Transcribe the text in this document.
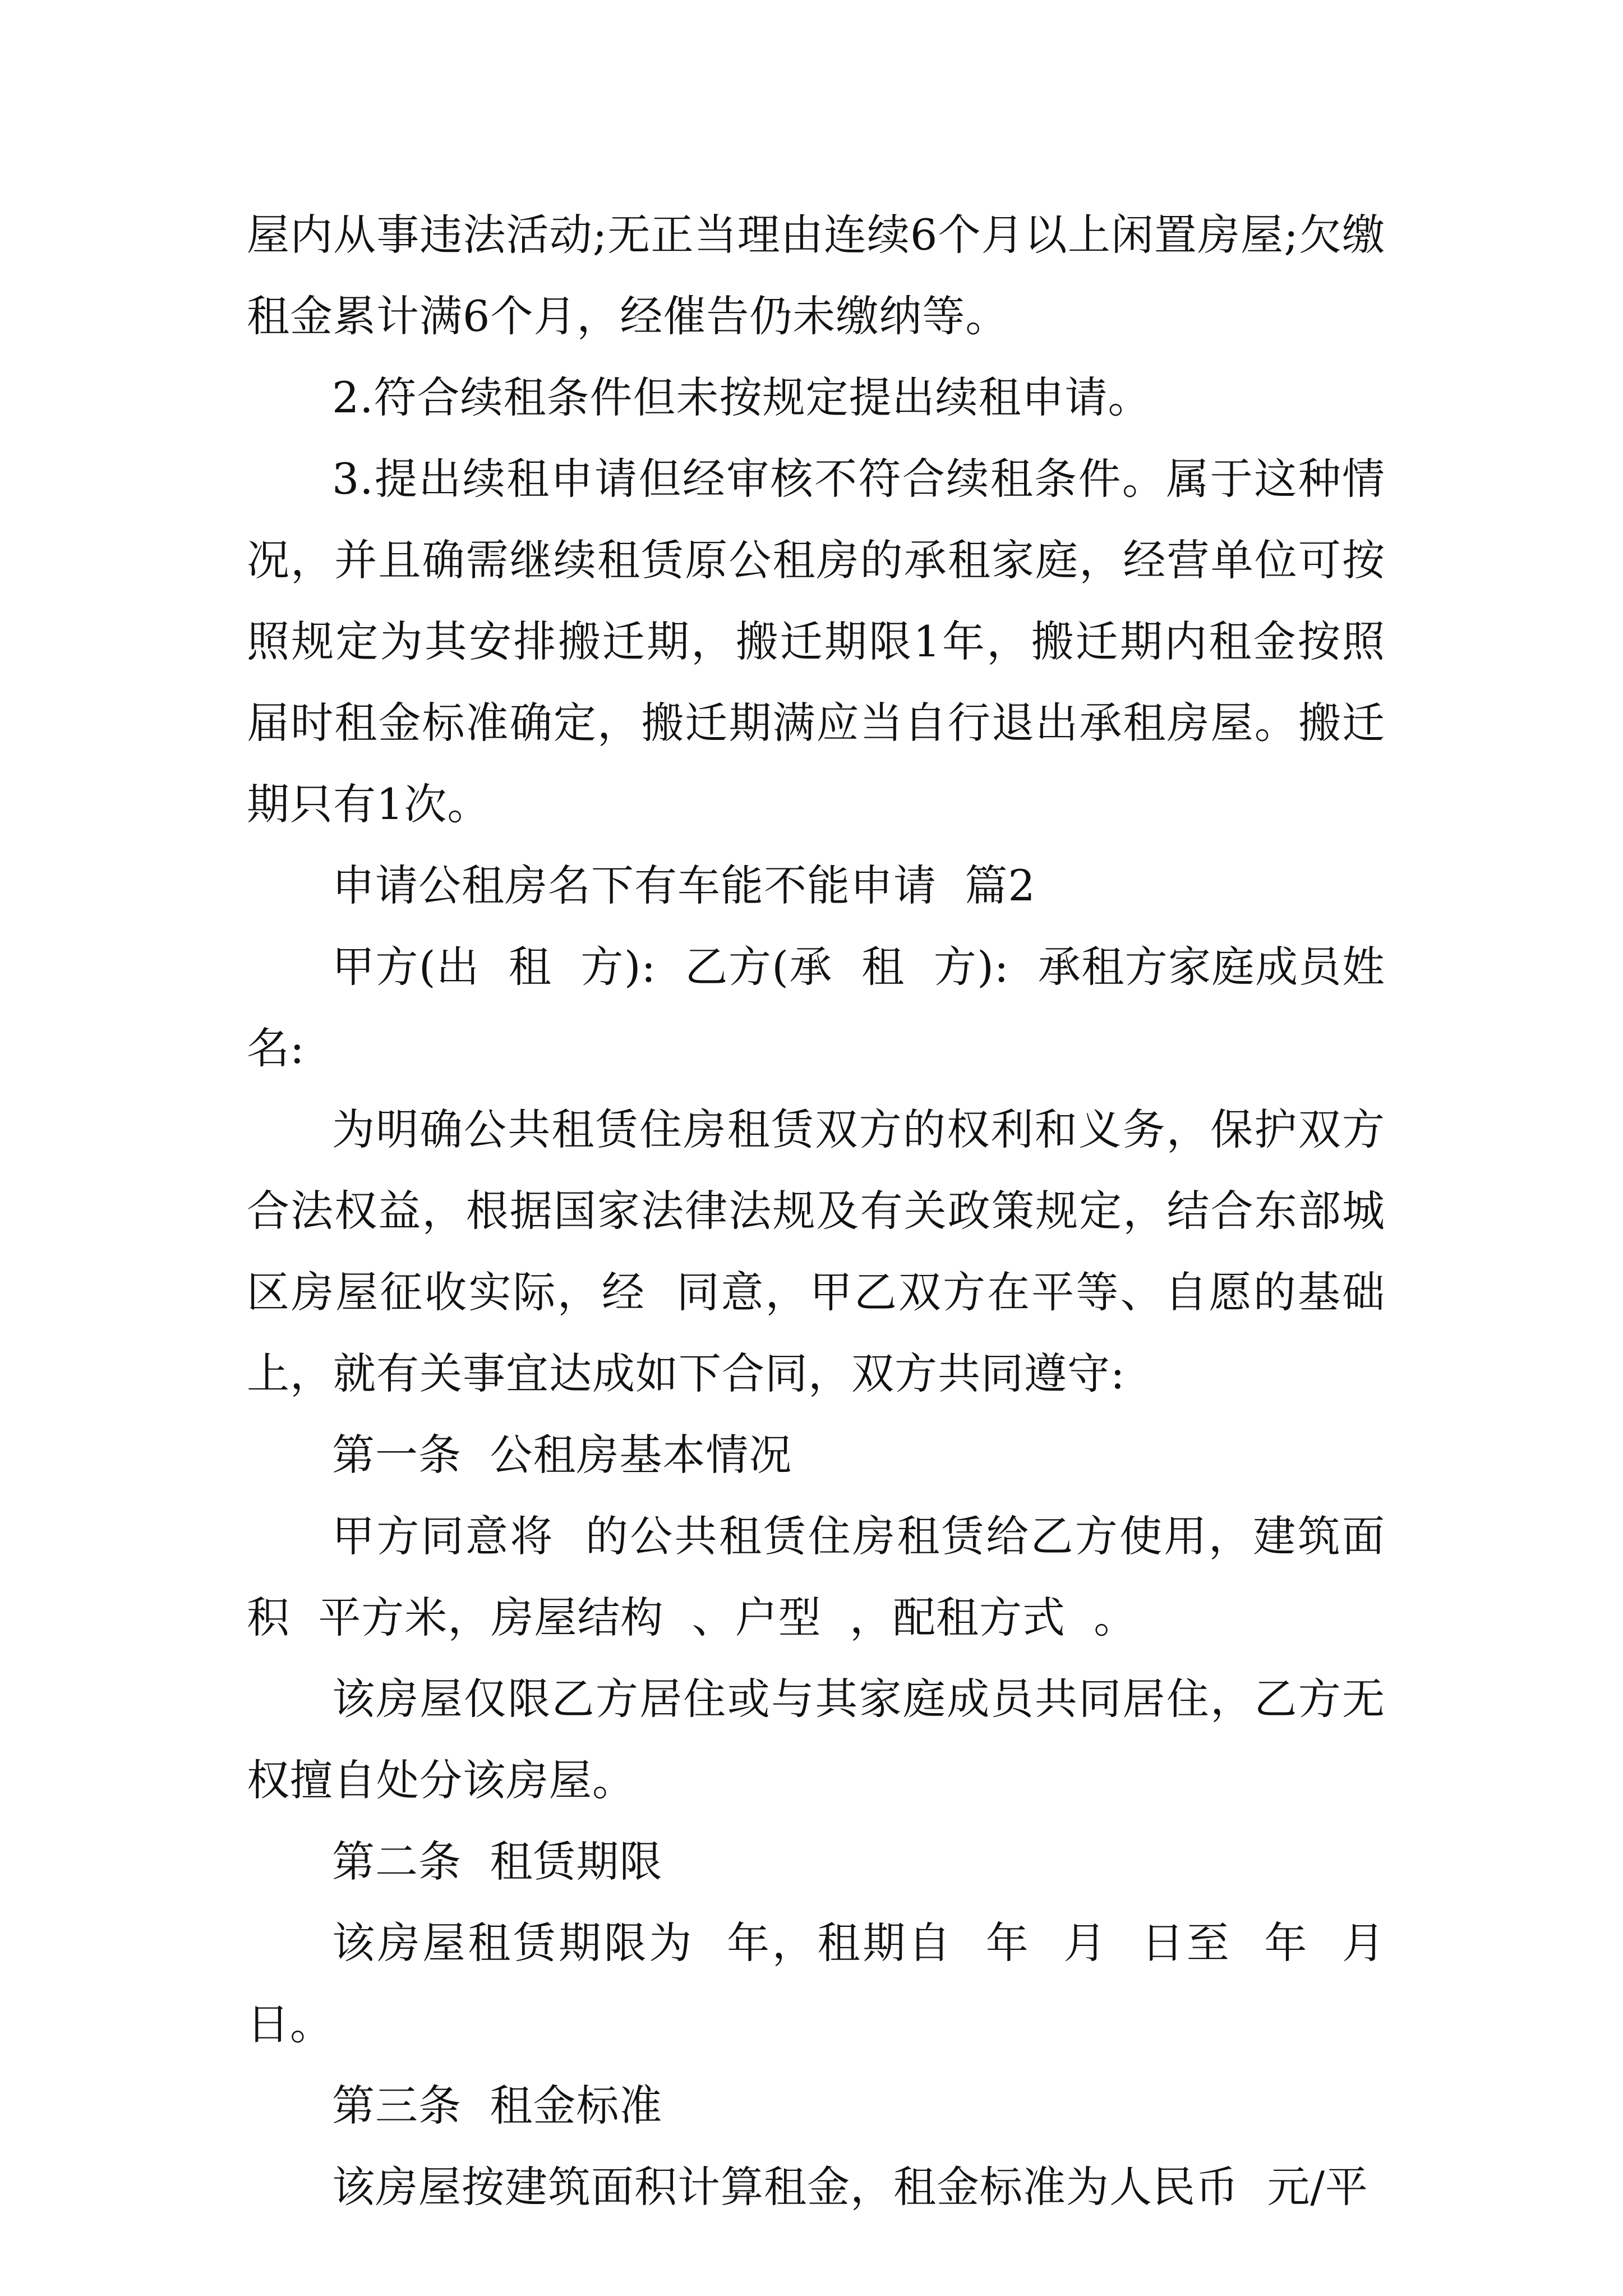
屋内从事违法活动;无正当理由连续6个月以上闲置房屋;欠缴租金累计满6个月，经催告仍未缴纳等。

2.符合续租条件但未按规定提出续租申请。

3.提出续租申请但经审核不符合续租条件。属于这种情况，并且确需继续租赁原公租房的承租家庭，经营单位可按照规定为其安排搬迁期，搬迁期限1年，搬迁期内租金按照届时租金标准确定，搬迁期满应当自行退出承租房屋。搬迁期只有1次。

申请公租房名下有车能不能申请  篇2

甲方(出  租  方):  乙方(承  租  方):  承租方家庭成员姓名:

为明确公共租赁住房租赁双方的权利和义务，保护双方合法权益，根据国家法律法规及有关政策规定，结合东部城区房屋征收实际，经  同意，甲乙双方在平等、自愿的基础上，就有关事宜达成如下合同，双方共同遵守:

第一条  公租房基本情况

甲方同意将  的公共租赁住房租赁给乙方使用，建筑面积  平方米，房屋结构  、户型  ，配租方式  。

该房屋仅限乙方居住或与其家庭成员共同居住，乙方无权擅自处分该房屋。

第二条  租赁期限

该房屋租赁期限为  年，租期自  年  月  日至  年  月  日。

第三条  租金标准

该房屋按建筑面积计算租金，租金标准为人民币  元/平
